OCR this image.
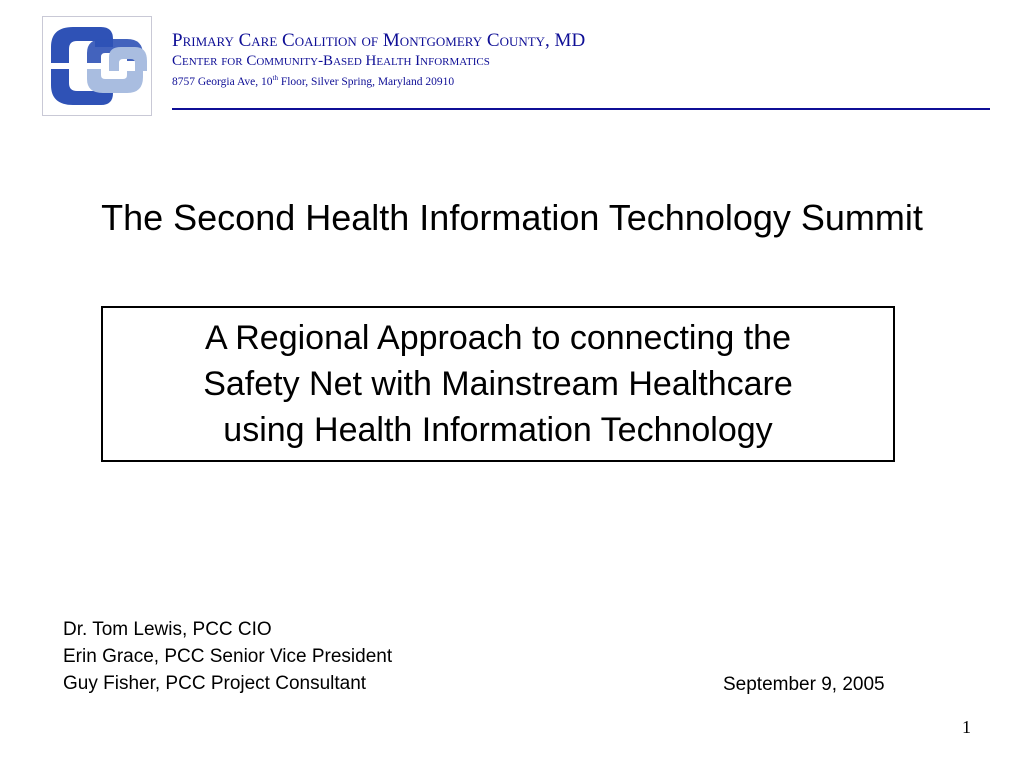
Primary Care Coalition of Montgomery County, MD
Center for Community-Based Health Informatics
8757 Georgia Ave, 10th Floor, Silver Spring, Maryland 20910
The Second Health Information Technology Summit
A Regional Approach to connecting the
Safety Net with Mainstream Healthcare
using Health Information Technology
Dr. Tom Lewis, PCC CIO
Erin Grace, PCC Senior Vice President
Guy Fisher, PCC Project Consultant	September 9, 2005
1
